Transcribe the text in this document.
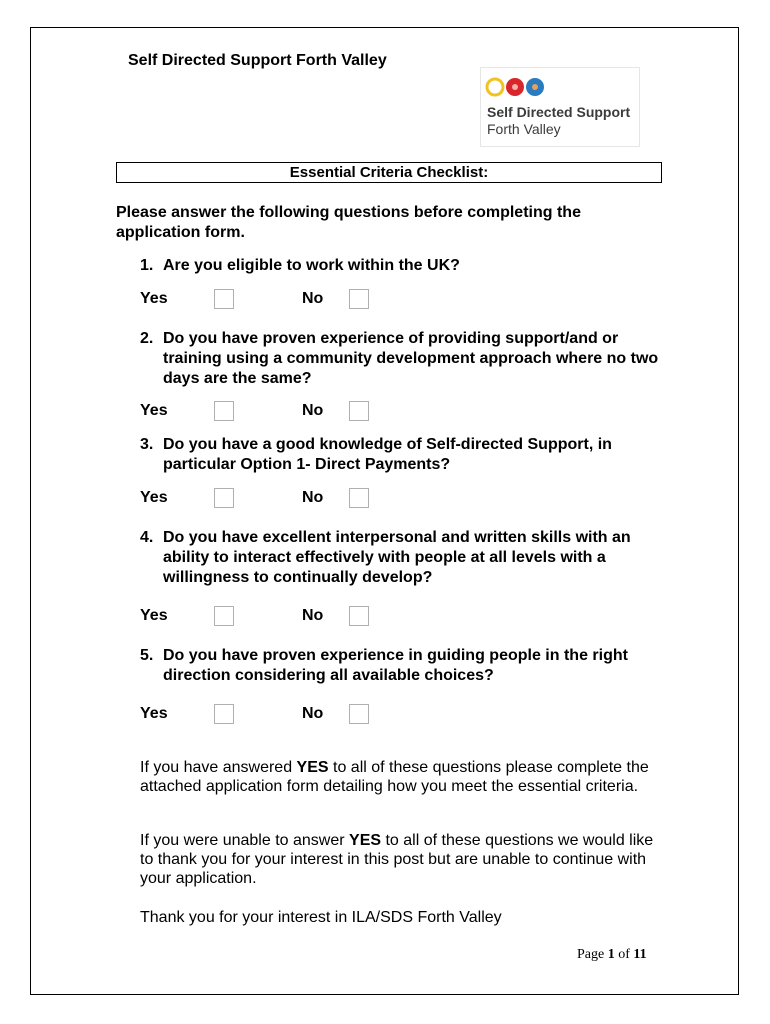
Self Directed Support Forth Valley
Self Directed Support
Forth Valley
Essential Criteria Checklist:
Please answer the following questions before completing the application form.
1. Are you eligible to work within the UK?
Yes	No
2. Do you have proven experience of providing support/and or training using a community development approach where no two days are the same?
Yes	No
3. Do you have a good knowledge of Self-directed Support, in particular Option 1- Direct Payments?
Yes	No
4. Do you have excellent interpersonal and written skills with an ability to interact effectively with people at all levels with a willingness to continually develop?
Yes	No
5. Do you have proven experience in guiding people in the right direction considering all available choices?
Yes	No
If you have answered YES to all of these questions please complete the attached application form detailing how you meet the essential criteria.
If you were unable to answer YES to all of these questions we would like to thank you for your interest in this post but are unable to continue with your application.
Thank you for your interest in ILA/SDS Forth Valley
Page 1 of 11
